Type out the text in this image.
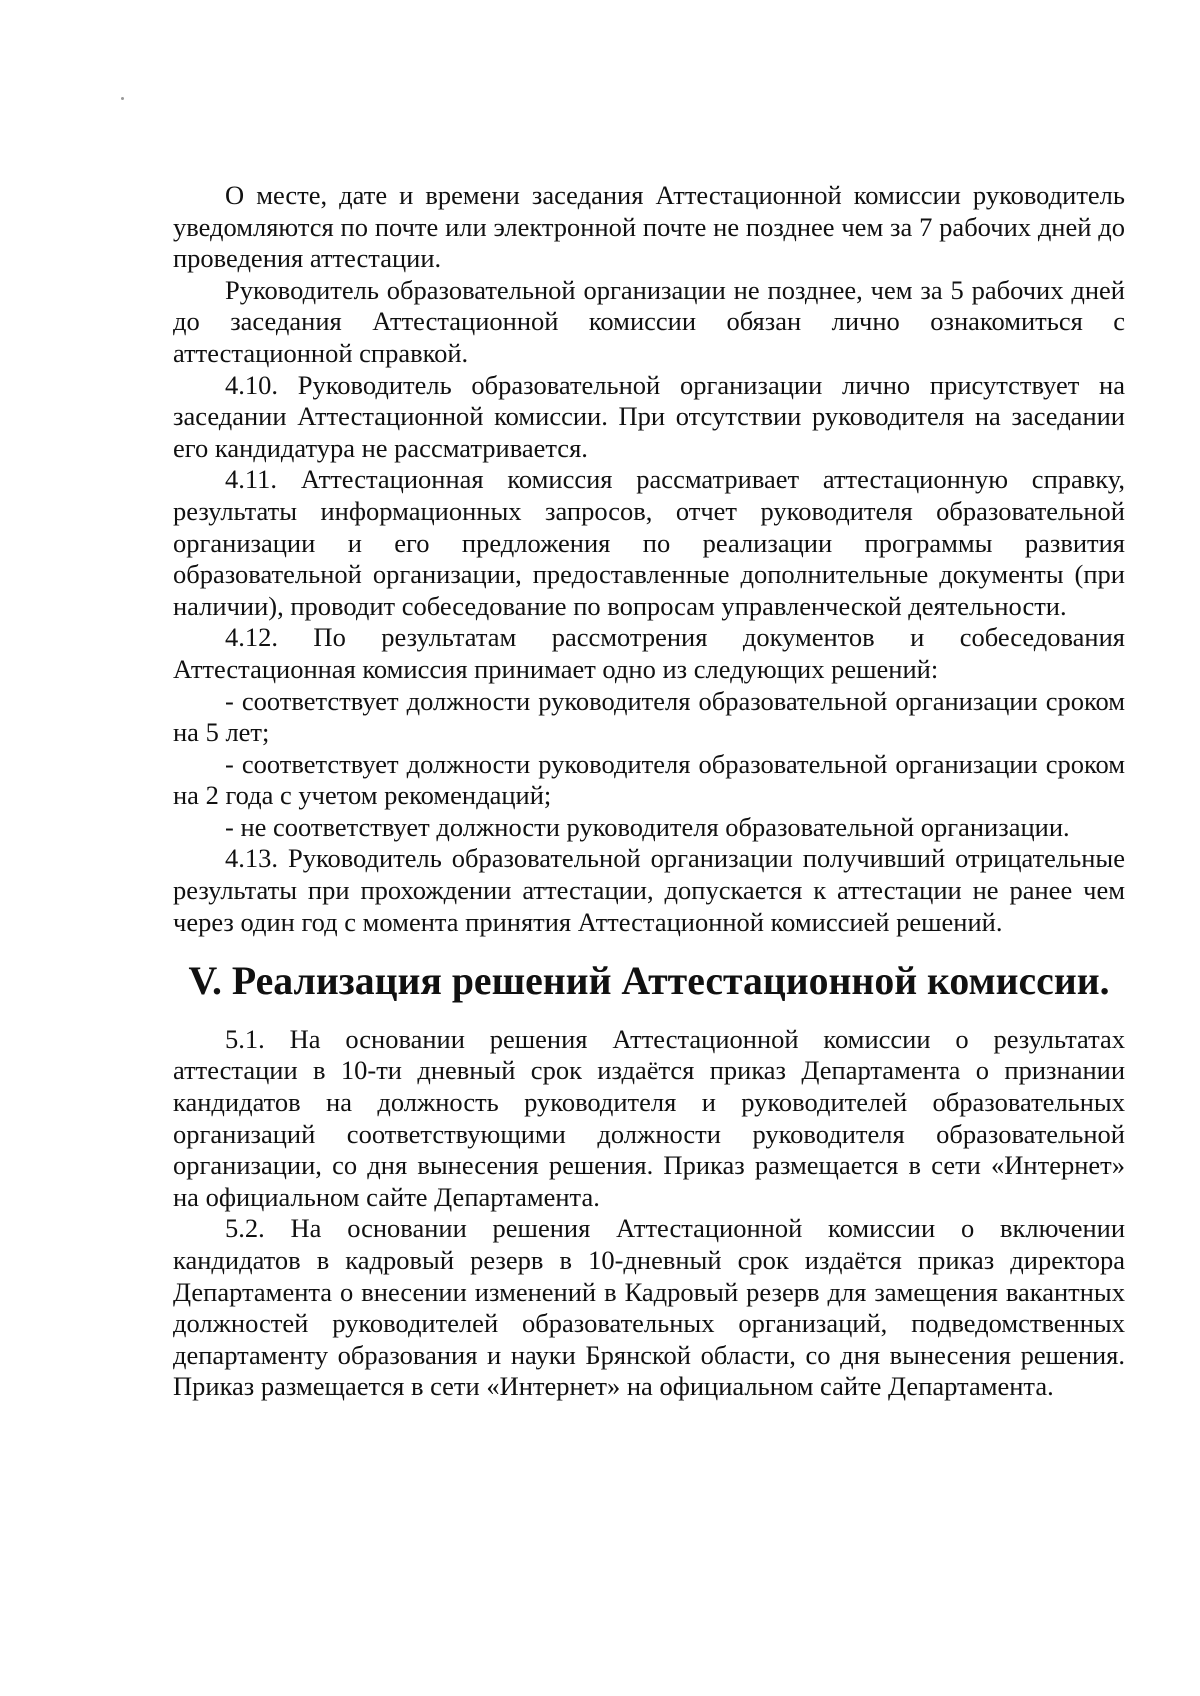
О месте, дате и времени заседания Аттестационной комиссии руководитель уведомляются по почте или электронной почте не позднее чем за 7 рабочих дней до проведения аттестации.

Руководитель образовательной организации не позднее, чем за 5 рабочих дней до заседания Аттестационной комиссии обязан лично ознакомиться с аттестационной справкой.

4.10. Руководитель образовательной организации лично присутствует на заседании Аттестационной комиссии. При отсутствии руководителя на заседании его кандидатура не рассматривается.

4.11. Аттестационная комиссия рассматривает аттестационную справку, результаты информационных запросов, отчет руководителя образовательной организации и его предложения по реализации программы развития образовательной организации, предоставленные дополнительные документы (при наличии), проводит собеседование по вопросам управленческой деятельности.

4.12. По результатам рассмотрения документов и собеседования Аттестационная комиссия принимает одно из следующих решений:

- соответствует должности руководителя образовательной организации сроком на 5 лет;

- соответствует должности руководителя образовательной организации сроком на 2 года с учетом рекомендаций;

- не соответствует должности руководителя образовательной организации.

4.13. Руководитель образовательной организации получивший отрицательные результаты при прохождении аттестации, допускается к аттестации не ранее чем через один год с момента принятия Аттестационной комиссией решений.

V. Реализация решений Аттестационной комиссии.

5.1. На основании решения Аттестационной комиссии о результатах аттестации в 10-ти дневный срок издаётся приказ Департамента о признании кандидатов на должность руководителя и руководителей образовательных организаций соответствующими должности руководителя образовательной организации, со дня вынесения решения. Приказ размещается в сети «Интернет» на официальном сайте Департамента.

5.2. На основании решения Аттестационной комиссии о включении кандидатов в кадровый резерв в 10-дневный срок издаётся приказ директора Департамента о внесении изменений в Кадровый резерв для замещения вакантных должностей руководителей образовательных организаций, подведомственных департаменту образования и науки Брянской области, со дня вынесения решения. Приказ размещается в сети «Интернет» на официальном сайте Департамента.
